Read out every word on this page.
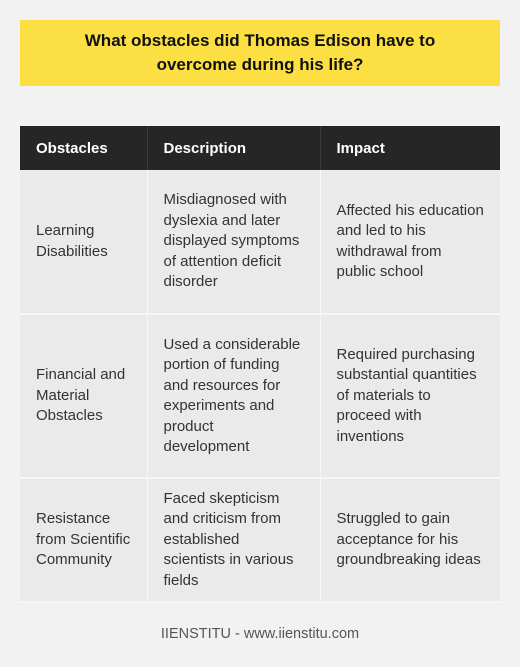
What obstacles did Thomas Edison have to overcome during his life?
Obstacles	Description	Impact
Learning Disabilities	Misdiagnosed with dyslexia and later displayed symptoms of attention deficit disorder	Affected his education and led to his withdrawal from public school
Financial and Material Obstacles	Used a considerable portion of funding and resources for experiments and product development	Required purchasing substantial quantities of materials to proceed with inventions
Resistance from Scientific Community	Faced skepticism and criticism from established scientists in various fields	Struggled to gain acceptance for his groundbreaking ideas
IIENSTITU - www.iienstitu.com
